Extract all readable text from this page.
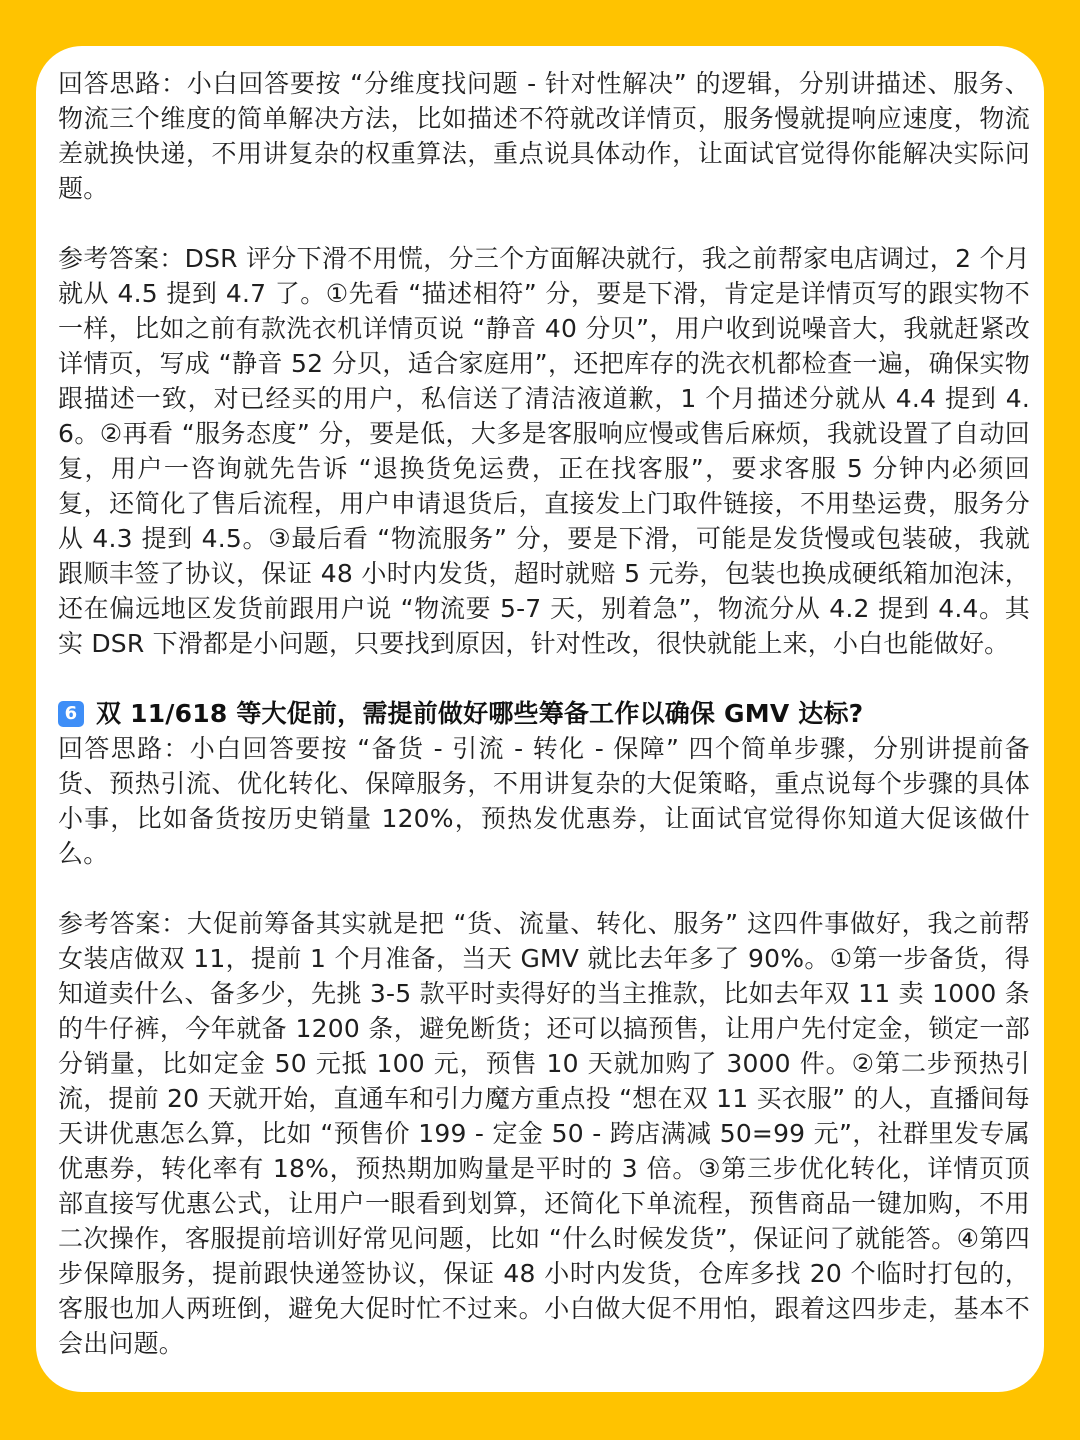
回答思路：小白回答要按 “分维度找问题 - 针对性解决” 的逻辑，分别讲描述、服务、物流三个维度的简单解决方法，比如描述不符就改详情页，服务慢就提响应速度，物流差就换快递，不用讲复杂的权重算法，重点说具体动作，让面试官觉得你能解决实际问题。

参考答案：DSR 评分下滑不用慌，分三个方面解决就行，我之前帮家电店调过，2 个月就从 4.5 提到 4.7 了。①先看 “描述相符” 分，要是下滑，肯定是详情页写的跟实物不一样，比如之前有款洗衣机详情页说 “静音 40 分贝”，用户收到说噪音大，我就赶紧改详情页，写成 “静音 52 分贝，适合家庭用”，还把库存的洗衣机都检查一遍，确保实物跟描述一致，对已经买的用户，私信送了清洁液道歉，1 个月描述分就从 4.4 提到 4.6。②再看 “服务态度” 分，要是低，大多是客服响应慢或售后麻烦，我就设置了自动回复，用户一咨询就先告诉 “退换货免运费，正在找客服”，要求客服 5 分钟内必须回复，还简化了售后流程，用户申请退货后，直接发上门取件链接，不用垫运费，服务分从 4.3 提到 4.5。③最后看 “物流服务” 分，要是下滑，可能是发货慢或包装破，我就跟顺丰签了协议，保证 48 小时内发货，超时就赔 5 元券，包装也换成硬纸箱加泡沫，还在偏远地区发货前跟用户说 “物流要 5-7 天，别着急”，物流分从 4.2 提到 4.4。其实 DSR 下滑都是小问题，只要找到原因，针对性改，很快就能上来，小白也能做好。

6 双 11/618 等大促前，需提前做好哪些筹备工作以确保 GMV 达标?

回答思路：小白回答要按 “备货 - 引流 - 转化 - 保障” 四个简单步骤，分别讲提前备货、预热引流、优化转化、保障服务，不用讲复杂的大促策略，重点说每个步骤的具体小事，比如备货按历史销量 120%，预热发优惠券，让面试官觉得你知道大促该做什么。

参考答案：大促前筹备其实就是把 “货、流量、转化、服务” 这四件事做好，我之前帮女装店做双 11，提前 1 个月准备，当天 GMV 就比去年多了 90%。①第一步备货，得知道卖什么、备多少，先挑 3-5 款平时卖得好的当主推款，比如去年双 11 卖 1000 条的牛仔裤，今年就备 1200 条，避免断货；还可以搞预售，让用户先付定金，锁定一部分销量，比如定金 50 元抵 100 元，预售 10 天就加购了 3000 件。②第二步预热引流，提前 20 天就开始，直通车和引力魔方重点投 “想在双 11 买衣服” 的人，直播间每天讲优惠怎么算，比如 “预售价 199 - 定金 50 - 跨店满减 50=99 元”，社群里发专属优惠券，转化率有 18%，预热期加购量是平时的 3 倍。③第三步优化转化，详情页顶部直接写优惠公式，让用户一眼看到划算，还简化下单流程，预售商品一键加购，不用二次操作，客服提前培训好常见问题，比如 “什么时候发货”，保证问了就能答。④第四步保障服务，提前跟快递签协议，保证 48 小时内发货，仓库多找 20 个临时打包的，客服也加人两班倒，避免大促时忙不过来。小白做大促不用怕，跟着这四步走，基本不会出问题。
